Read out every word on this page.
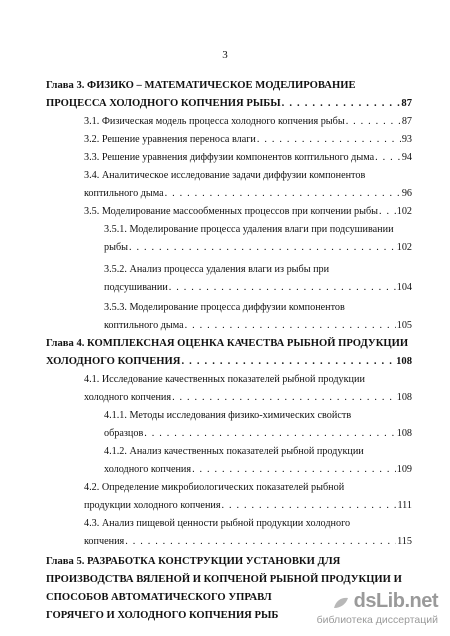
3
Глава 3. ФИЗИКО – МАТЕМАТИЧЕСКОЕ МОДЕЛИРОВАНИЕ
ПРОЦЕССА ХОЛОДНОГО КОПЧЕНИЯ РЫБЫ . . .	87
3.1. Физическая модель процесса холодного копчения рыбы . . .	87
3.2. Решение уравнения переноса влаги . . .	93
3.3. Решение уравнения диффузии компонентов коптильного дыма . . .	94
3.4. Аналитическое исследование задачи диффузии компонентов
коптильного дыма . . .	96
3.5. Моделирование массообменных процессов при копчении рыбы . . . 102
3.5.1. Моделирование процесса удаления влаги при подсушивании
рыбы . . .	102
3.5.2. Анализ процесса удаления влаги из рыбы при
подсушивании . . .	104
3.5.3. Моделирование процесса диффузии компонентов
коптильного дыма . . .	105
Глава 4. КОМПЛЕКСНАЯ ОЦЕНКА КАЧЕСТВА РЫБНОЙ ПРОДУКЦИИ
ХОЛОДНОГО КОПЧЕНИЯ . . .	108
4.1. Исследование качественных показателей рыбной продукции
холодного копчения . . .	108
4.1.1. Методы исследования физико-химических свойств
образцов . . .	108
4.1.2. Анализ качественных показателей рыбной продукции
холодного копчения . . .	109
4.2. Определение микробиологических показателей рыбной
продукции холодного копчения . . .	111
4.3. Анализ пищевой ценности рыбной продукции холодного
копчения . . .	115
Глава 5. РАЗРАБОТКА КОНСТРУКЦИИ УСТАНОВКИ ДЛЯ
ПРОИЗВОДСТВА ВЯЛЕНОЙ И КОПЧЕНОЙ РЫБНОЙ ПРОДУКЦИИ И
СПОСОБОВ АВТОМАТИЧЕСКОГО УПРАВЛ
ГОРЯЧЕГО И ХОЛОДНОГО КОПЧЕНИЯ РЫБ
dsLib.net
библиотека диссертаций
